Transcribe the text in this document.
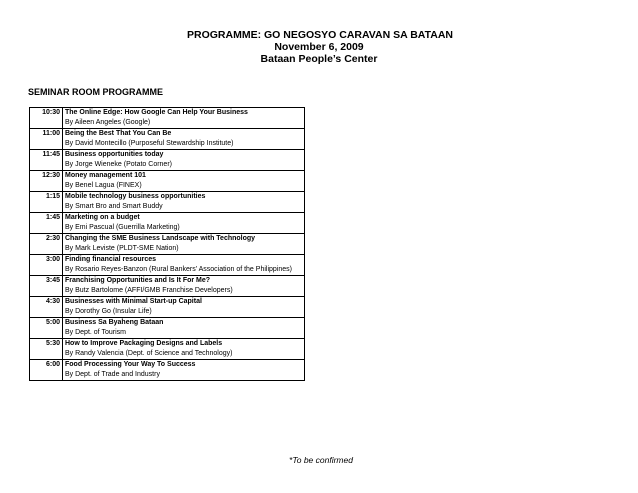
PROGRAMME: GO NEGOSYO CARAVAN SA BATAAN
November 6, 2009
Bataan People’s Center
SEMINAR ROOM PROGRAMME
10:30	The Online Edge: How Google Can Help Your Business
By Aileen Angeles (Google)

11:00	Being the Best That You Can Be
By David Montecillo (Purposeful Stewardship Institute)

11:45	Business opportunities today
By Jorge Wieneke (Potato Corner)

12:30	Money management 101
By Benel Lagua (FINEX)

1:15	Mobile technology business opportunities
By Smart Bro and Smart Buddy

1:45	Marketing on a budget
By Emi Pascual (Guerrilla Marketing)

2:30	Changing the SME Business Landscape with Technology
By Mark Leviste (PLDT-SME Nation)

3:00	Finding financial resources
By Rosario Reyes-Banzon (Rural Bankers’ Association of the Philippines)

3:45	Franchising Opportunities and Is It For Me?
By Butz Bartolome (AFFI/GMB Franchise Developers)

4:30	Businesses with Minimal Start-up Capital
By Dorothy Go (Insular Life)

5:00	Business Sa Byaheng Bataan
By Dept. of Tourism

5:30	How to Improve Packaging Designs and Labels
By Randy Valencia (Dept. of Science and Technology)

6:00	Food Processing Your Way To Success
By Dept. of Trade and Industry
*To be confirmed
